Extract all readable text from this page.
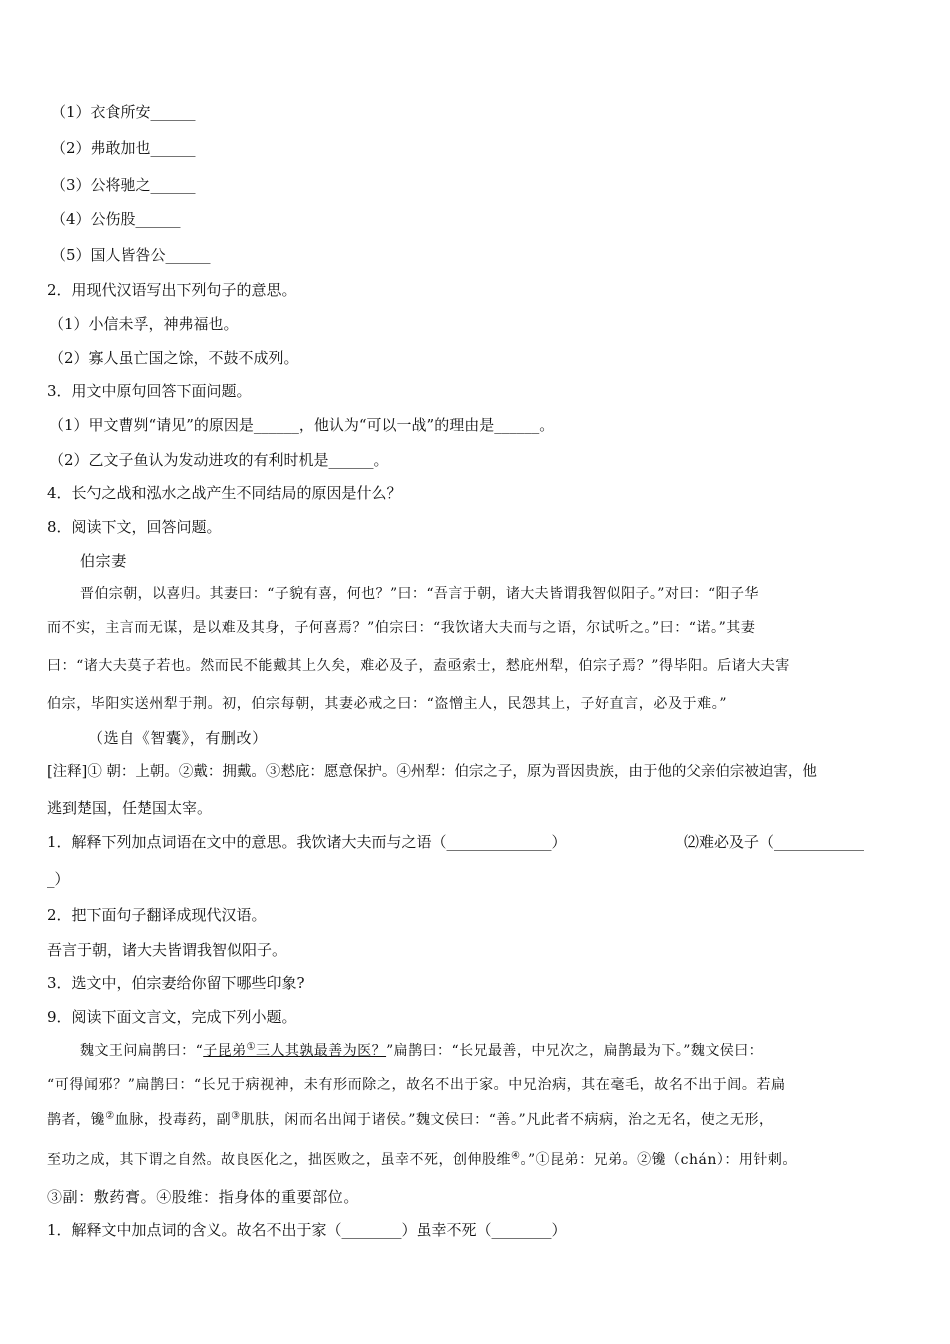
（1）衣食所安______
（2）弗敢加也______
（3）公将驰之______
（4）公伤股______
（5）国人皆咎公______
2．用现代汉语写出下列句子的意思。
（1）小信未孚，神弗福也。
（2）寡人虽亡国之馀，不鼓不成列。
3．用文中原句回答下面问题。
（1）甲文曹刿“请见”的原因是______，他认为“可以一战”的理由是______。
（2）乙文子鱼认为发动进攻的有利时机是______。
4．长勺之战和泓水之战产生不同结局的原因是什么？
8．阅读下文，回答问题。
伯宗妻
晋伯宗朝，以喜归。其妻曰：“子貌有喜，何也？”曰：“吾言于朝，诸大夫皆谓我智似阳子。”对曰：“阳子华
而不实，主言而无谋，是以难及其身，子何喜焉？”伯宗曰：“我饮诸大夫而与之语，尔试听之。”曰：“诺。”其妻
曰：“诸大夫莫子若也。然而民不能戴其上久矣，难必及子，盍亟索士，慭庇州犁，伯宗子焉？”得毕阳。后诸大夫害
伯宗，毕阳实送州犁于荆。初，伯宗每朝，其妻必戒之曰：“盗憎主人，民怨其上，子好直言，必及于难。”
（选自《智囊》，有删改）
[注释]① 朝：上朝。②戴：拥戴。③慭庇：愿意保护。④州犁：伯宗之子，原为晋因贵族，由于他的父亲伯宗被迫害，他
逃到楚国，任楚国太宰。
1．解释下列加点词语在文中的意思。我饮诸大夫而与之语（______________）	⑵难必及子（____________
_）
2．把下面句子翻译成现代汉语。
吾言于朝，诸大夫皆谓我智似阳子。
3．选文中，伯宗妻给你留下哪些印象?
9．阅读下面文言文，完成下列小题。
魏文王问扁鹊曰：“子昆弟①三人其孰最善为医？”扁鹊曰：“长兄最善，中兄次之，扁鹊最为下。”魏文侯曰：
“可得闻邪？”扁鹊曰：“长兄于病视神，未有形而除之，故名不出于家。中兄治病，其在毫毛，故名不出于闾。若扁
鹊者，镵②血脉，投毒药，副③肌肤，闲而名出闻于诸侯。”魏文侯曰：“善。”凡此者不病病，治之无名，使之无形，
至功之成，其下谓之自然。故良医化之，拙医败之，虽幸不死，创伸股维④。”①昆弟：兄弟。②镵（chán）：用针刺。
③副：敷药膏。④股维：指身体的重要部位。
1．解释文中加点词的含义。故名不出于家（________）虽幸不死（________）
